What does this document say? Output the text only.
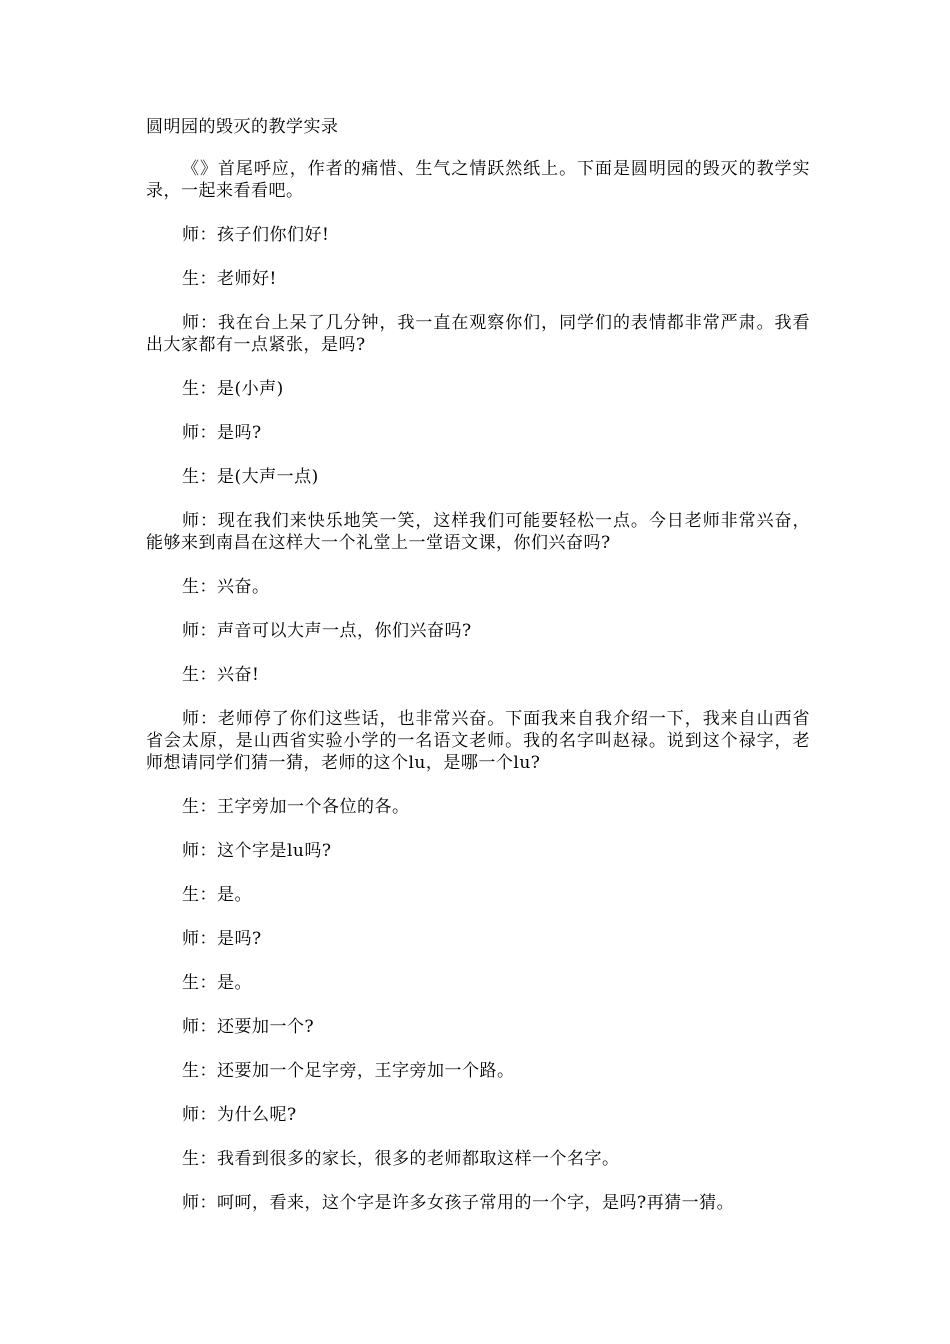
圆明园的毁灭的教学实录

《》首尾呼应，作者的痛惜、生气之情跃然纸上。下面是圆明园的毁灭的教学实录，一起来看看吧。

师：孩子们你们好!

生：老师好!

师：我在台上呆了几分钟，我一直在观察你们，同学们的表情都非常严肃。我看出大家都有一点紧张，是吗?

生：是(小声)

师：是吗?

生：是(大声一点)

师：现在我们来快乐地笑一笑，这样我们可能要轻松一点。今日老师非常兴奋，能够来到南昌在这样大一个礼堂上一堂语文课，你们兴奋吗?

生：兴奋。

师：声音可以大声一点，你们兴奋吗?

生：兴奋!

师：老师停了你们这些话，也非常兴奋。下面我来自我介绍一下，我来自山西省省会太原，是山西省实验小学的一名语文老师。我的名字叫赵禄。说到这个禄字，老师想请同学们猜一猜，老师的这个lu，是哪一个lu?

生：王字旁加一个各位的各。

师：这个字是lu吗?

生：是。

师：是吗?

生：是。

师：还要加一个?

生：还要加一个足字旁，王字旁加一个路。

师：为什么呢?

生：我看到很多的家长，很多的老师都取这样一个名字。

师：呵呵，看来，这个字是许多女孩子常用的一个字，是吗?再猜一猜。
